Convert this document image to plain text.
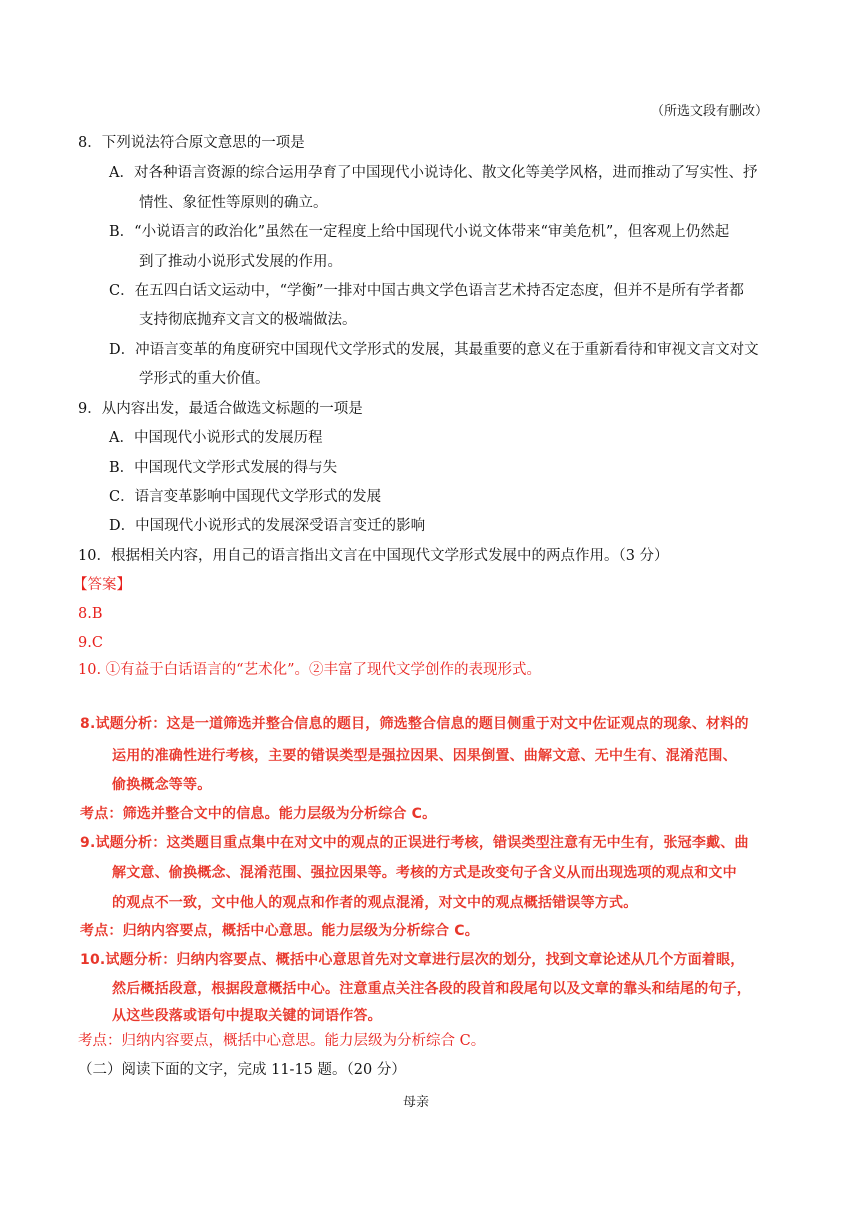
（所选文段有删改）
8．下列说法符合原文意思的一项是
A．对各种语言资源的综合运用孕育了中国现代小说诗化、散文化等美学风格，进而推动了写实性、抒
情性、象征性等原则的确立。
B．“小说语言的政治化”虽然在一定程度上给中国现代小说文体带来“审美危机”，但客观上仍然起
到了推动小说形式发展的作用。
C．在五四白话文运动中，“学衡”一排对中国古典文学色语言艺术持否定态度，但并不是所有学者都
支持彻底抛弃文言文的极端做法。
D．冲语言变革的角度研究中国现代文学形式的发展，其最重要的意义在于重新看待和审视文言文对文
学形式的重大价值。
9．从内容出发，最适合做选文标题的一项是
A．中国现代小说形式的发展历程
B．中国现代文学形式发展的得与失
C．语言变革影响中国现代文学形式的发展
D．中国现代小说形式的发展深受语言变迁的影响
10．根据相关内容，用自己的语言指出文言在中国现代文学形式发展中的两点作用。（3 分）
【答案】
8.B
9.C
10. ①有益于白话语言的“艺术化”。②丰富了现代文学创作的表现形式。
8.试题分析：这是一道筛选并整合信息的题目，筛选整合信息的题目侧重于对文中佐证观点的现象、材料的
运用的准确性进行考核，主要的错误类型是强拉因果、因果倒置、曲解文意、无中生有、混淆范围、
偷换概念等等。
考点：筛选并整合文中的信息。能力层级为分析综合 C。
9.试题分析：这类题目重点集中在对文中的观点的正误进行考核，错误类型注意有无中生有，张冠李戴、曲
解文意、偷换概念、混淆范围、强拉因果等。考核的方式是改变句子含义从而出现选项的观点和文中
的观点不一致，文中他人的观点和作者的观点混淆，对文中的观点概括错误等方式。
考点：归纳内容要点，概括中心意思。能力层级为分析综合 C。
10.试题分析：归纳内容要点、概括中心意思首先对文章进行层次的划分，找到文章论述从几个方面着眼，
然后概括段意，根据段意概括中心。注意重点关注各段的段首和段尾句以及文章的靠头和结尾的句子，
从这些段落或语句中提取关键的词语作答。
考点：归纳内容要点，概括中心意思。能力层级为分析综合 C。
（二）阅读下面的文字，完成 11-15 题。（20 分）
母亲
